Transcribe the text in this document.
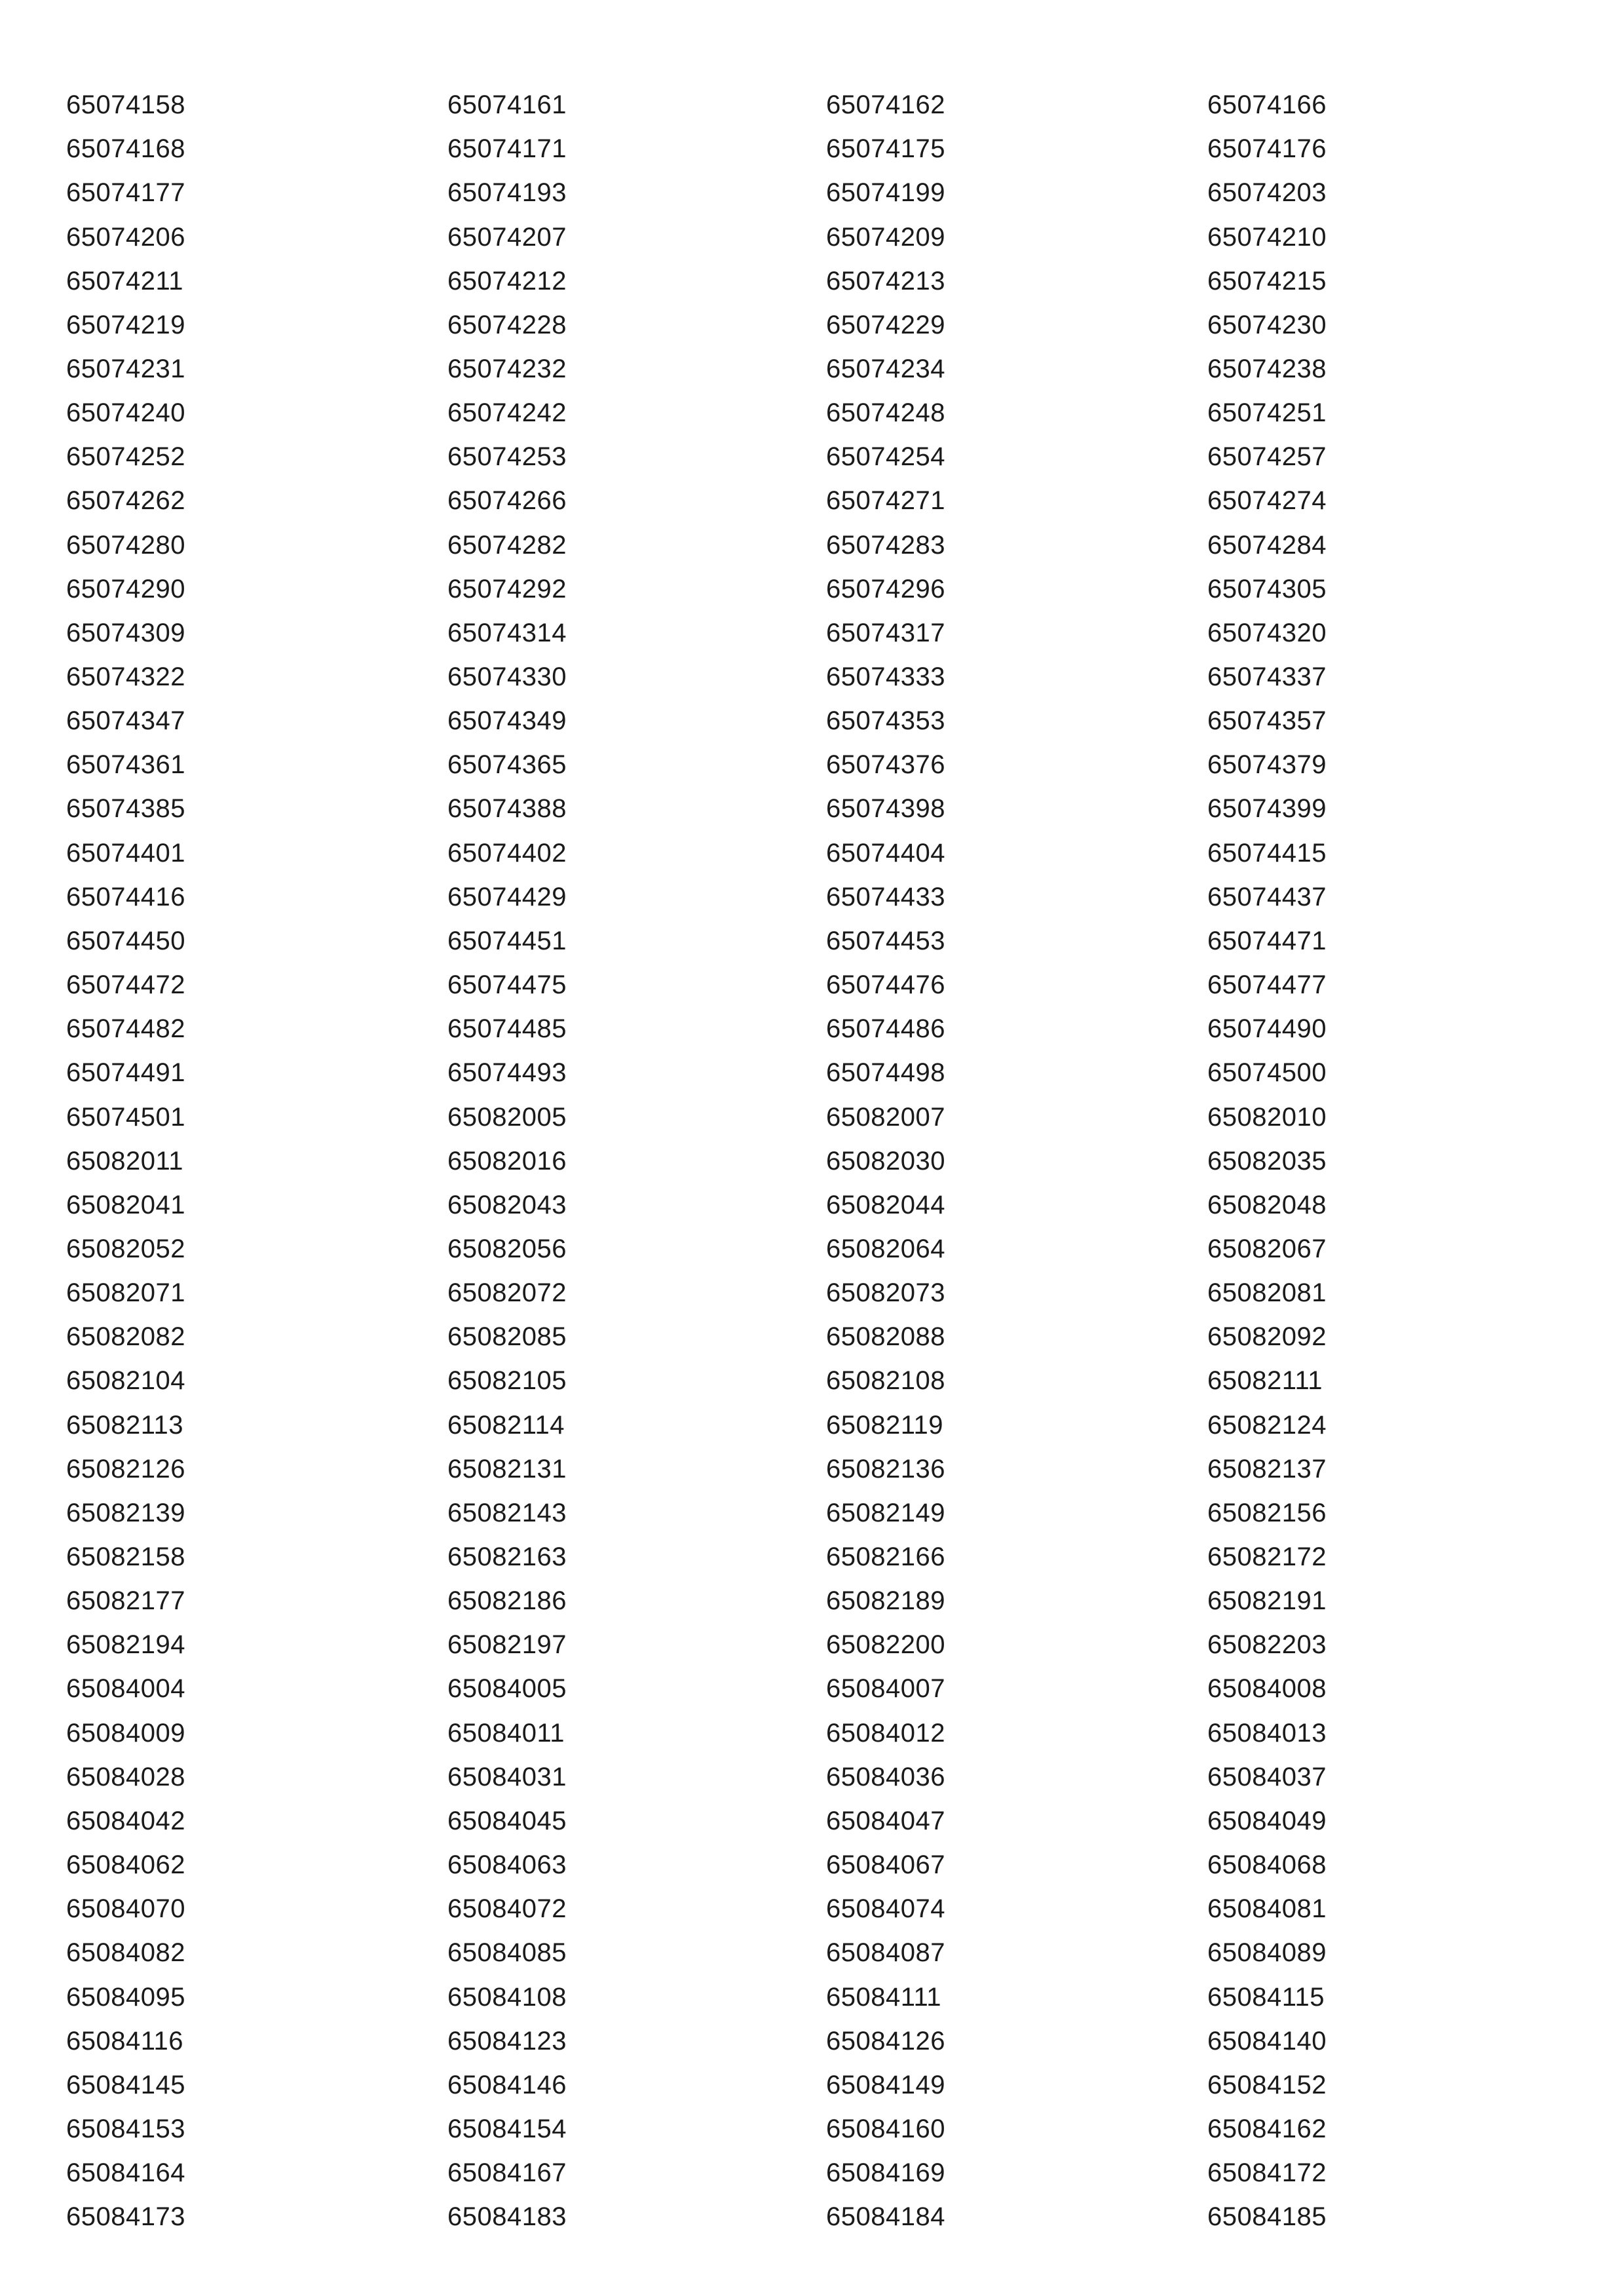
65074158	65074161	65074162	65074166
65074168	65074171	65074175	65074176
65074177	65074193	65074199	65074203
65074206	65074207	65074209	65074210
65074211	65074212	65074213	65074215
65074219	65074228	65074229	65074230
65074231	65074232	65074234	65074238
65074240	65074242	65074248	65074251
65074252	65074253	65074254	65074257
65074262	65074266	65074271	65074274
65074280	65074282	65074283	65074284
65074290	65074292	65074296	65074305
65074309	65074314	65074317	65074320
65074322	65074330	65074333	65074337
65074347	65074349	65074353	65074357
65074361	65074365	65074376	65074379
65074385	65074388	65074398	65074399
65074401	65074402	65074404	65074415
65074416	65074429	65074433	65074437
65074450	65074451	65074453	65074471
65074472	65074475	65074476	65074477
65074482	65074485	65074486	65074490
65074491	65074493	65074498	65074500
65074501	65082005	65082007	65082010
65082011	65082016	65082030	65082035
65082041	65082043	65082044	65082048
65082052	65082056	65082064	65082067
65082071	65082072	65082073	65082081
65082082	65082085	65082088	65082092
65082104	65082105	65082108	65082111
65082113	65082114	65082119	65082124
65082126	65082131	65082136	65082137
65082139	65082143	65082149	65082156
65082158	65082163	65082166	65082172
65082177	65082186	65082189	65082191
65082194	65082197	65082200	65082203
65084004	65084005	65084007	65084008
65084009	65084011	65084012	65084013
65084028	65084031	65084036	65084037
65084042	65084045	65084047	65084049
65084062	65084063	65084067	65084068
65084070	65084072	65084074	65084081
65084082	65084085	65084087	65084089
65084095	65084108	65084111	65084115
65084116	65084123	65084126	65084140
65084145	65084146	65084149	65084152
65084153	65084154	65084160	65084162
65084164	65084167	65084169	65084172
65084173	65084183	65084184	65084185
